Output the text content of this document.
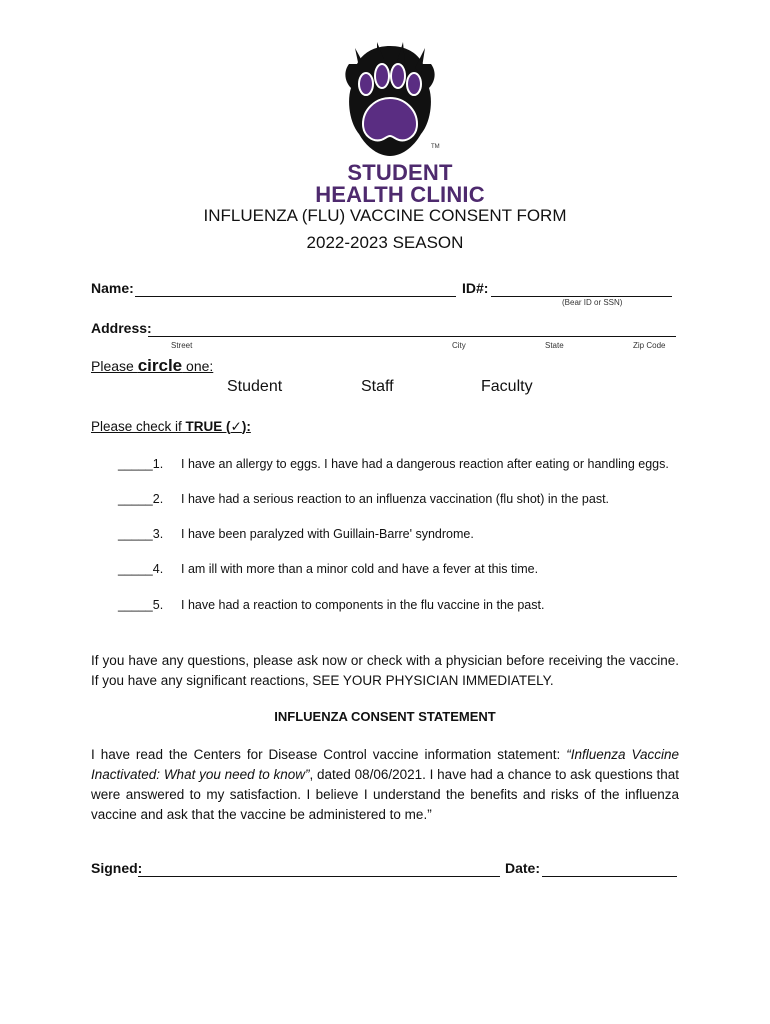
TM
STUDENT
HEALTH CLINIC
INFLUENZA (FLU) VACCINE CONSENT FORM
2022-2023 SEASON
Name:	ID#:
(Bear ID or SSN)
Address:
Street	City	State	Zip Code
Please circle one:
Student	Staff	Faculty
Please check if TRUE (✓):
_____1. I have an allergy to eggs. I have had a dangerous reaction after eating or handling eggs.
_____2. I have had a serious reaction to an influenza vaccination (flu shot) in the past.
_____3. I have been paralyzed with Guillain-Barre' syndrome.
_____4. I am ill with more than a minor cold and have a fever at this time.
_____5. I have had a reaction to components in the flu vaccine in the past.
If you have any questions, please ask now or check with a physician before receiving the vaccine. If you have any significant reactions, SEE YOUR PHYSICIAN IMMEDIATELY.
INFLUENZA CONSENT STATEMENT
I have read the Centers for Disease Control vaccine information statement: “Influenza Vaccine Inactivated: What you need to know”, dated 08/06/2021. I have had a chance to ask questions that were answered to my satisfaction. I believe I understand the benefits and risks of the influenza vaccine and ask that the vaccine be administered to me.”
Signed:	Date:
